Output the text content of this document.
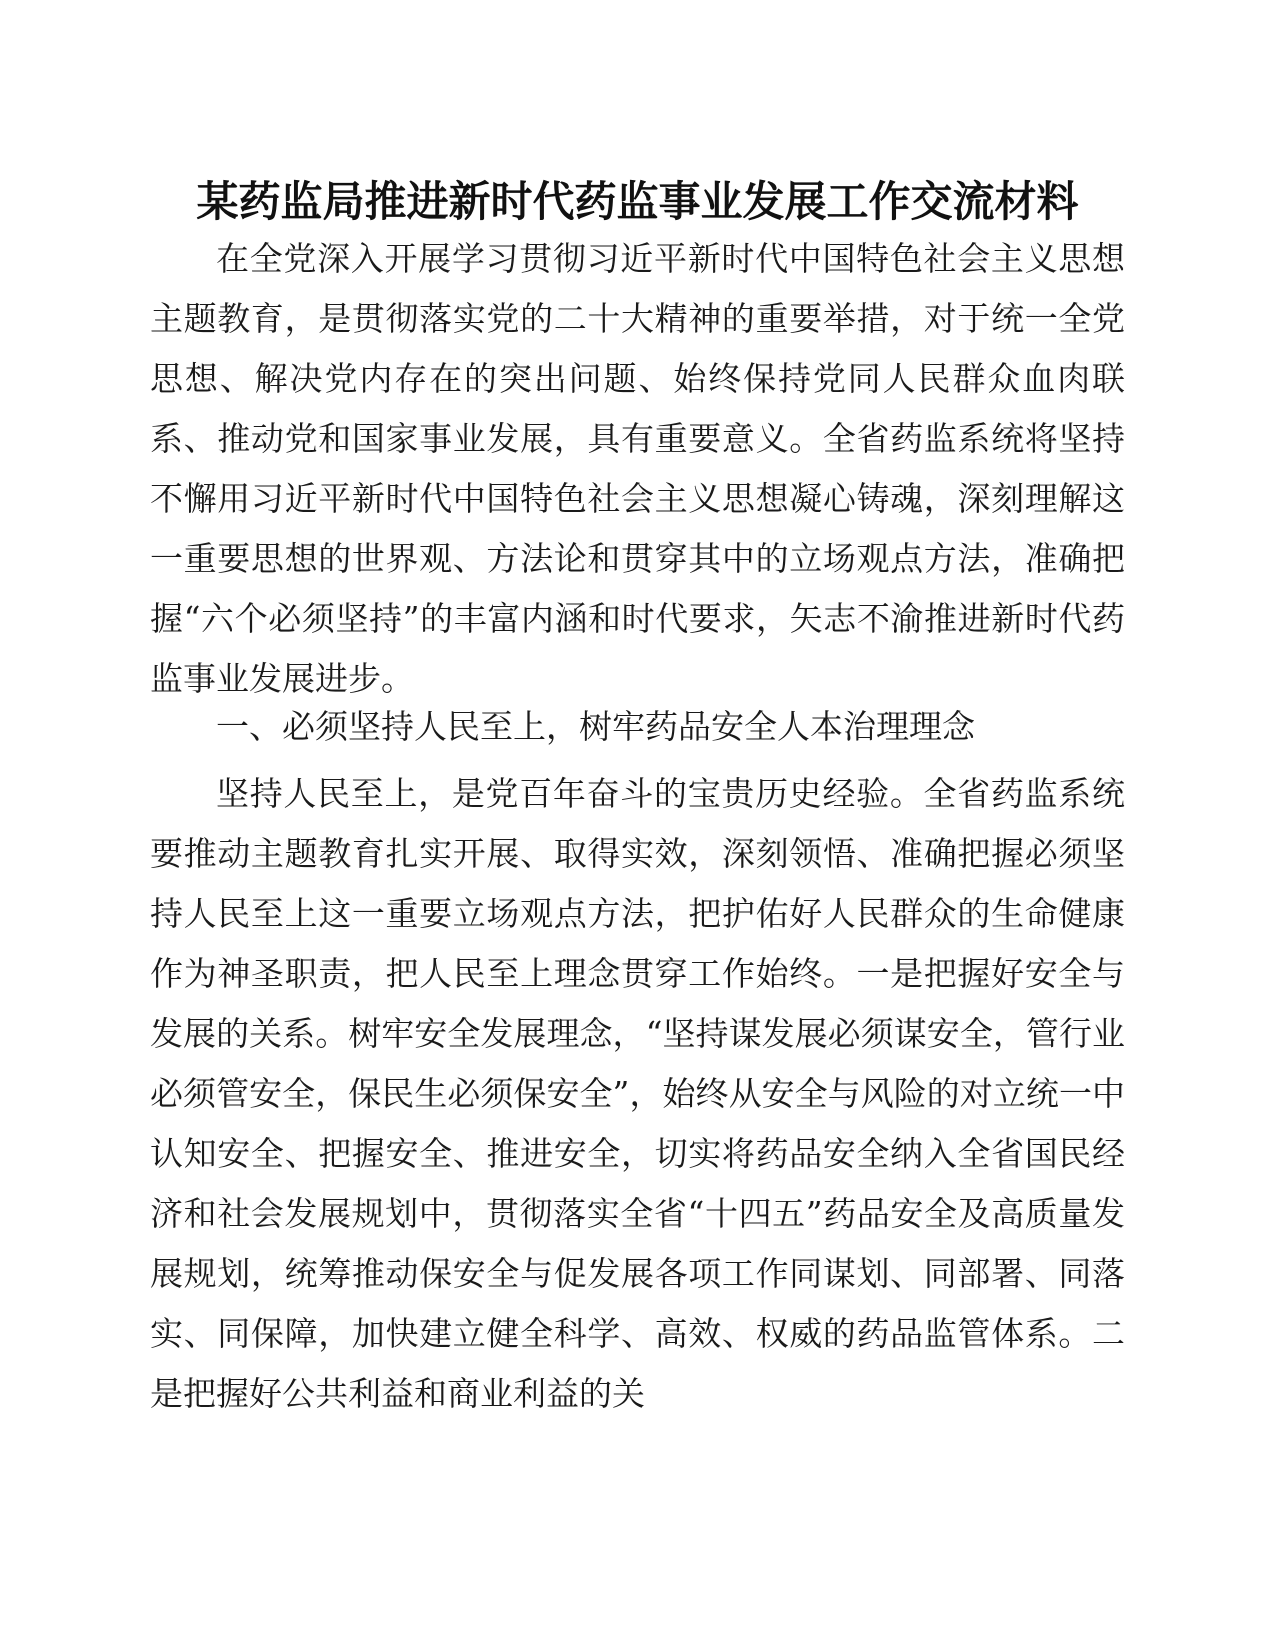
某药监局推进新时代药监事业发展工作交流材料
在全党深入开展学习贯彻习近平新时代中国特色社会主义思想主题教育，是贯彻落实党的二十大精神的重要举措，对于统一全党思想、解决党内存在的突出问题、始终保持党同人民群众血肉联系、推动党和国家事业发展，具有重要意义。全省药监系统将坚持不懈用习近平新时代中国特色社会主义思想凝心铸魂，深刻理解这一重要思想的世界观、方法论和贯穿其中的立场观点方法，准确把握“六个必须坚持”的丰富内涵和时代要求，矢志不渝推进新时代药监事业发展进步。
一、必须坚持人民至上，树牢药品安全人本治理理念
坚持人民至上，是党百年奋斗的宝贵历史经验。全省药监系统要推动主题教育扎实开展、取得实效，深刻领悟、准确把握必须坚持人民至上这一重要立场观点方法，把护佑好人民群众的生命健康作为神圣职责，把人民至上理念贯穿工作始终。一是把握好安全与发展的关系。树牢安全发展理念，“坚持谋发展必须谋安全，管行业必须管安全，保民生必须保安全”，始终从安全与风险的对立统一中认知安全、把握安全、推进安全，切实将药品安全纳入全省国民经济和社会发展规划中，贯彻落实全省“十四五”药品安全及高质量发展规划，统筹推动保安全与促发展各项工作同谋划、同部署、同落实、同保障，加快建立健全科学、高效、权威的药品监管体系。二是把握好公共利益和商业利益的关
